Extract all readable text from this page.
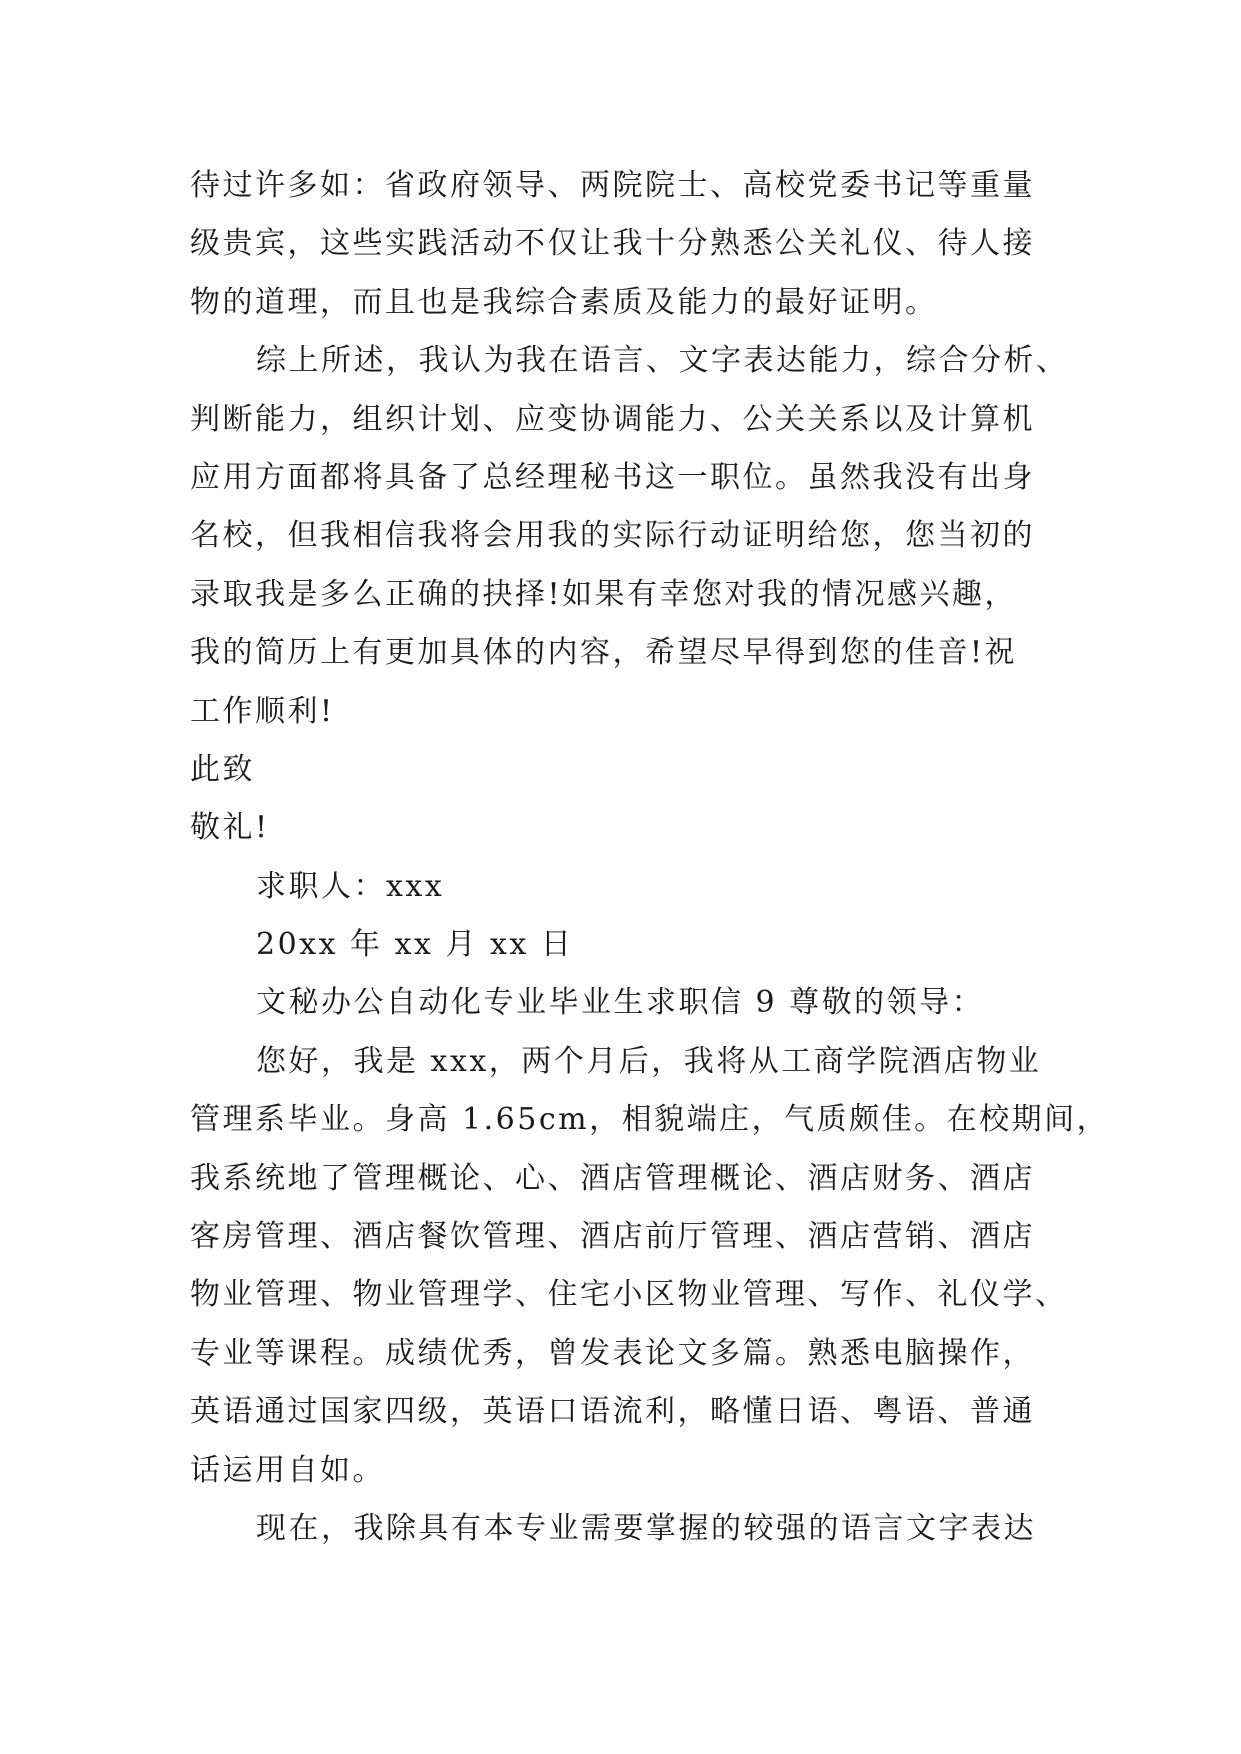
待过许多如：省政府领导、两院院士、高校党委书记等重量
级贵宾，这些实践活动不仅让我十分熟悉公关礼仪、待人接
物的道理，而且也是我综合素质及能力的最好证明。
综上所述，我认为我在语言、文字表达能力，综合分析、
判断能力，组织计划、应变协调能力、公关关系以及计算机
应用方面都将具备了总经理秘书这一职位。虽然我没有出身
名校，但我相信我将会用我的实际行动证明给您，您当初的
录取我是多么正确的抉择!如果有幸您对我的情况感兴趣，
我的简历上有更加具体的内容，希望尽早得到您的佳音!祝
工作顺利!
此致
敬礼!
求职人：xxx
20xx 年 xx 月 xx 日
文秘办公自动化专业毕业生求职信 9 尊敬的领导：
您好，我是 xxx，两个月后，我将从工商学院酒店物业
管理系毕业。身高 1.65cm，相貌端庄，气质颇佳。在校期间，
我系统地了管理概论、心、酒店管理概论、酒店财务、酒店
客房管理、酒店餐饮管理、酒店前厅管理、酒店营销、酒店
物业管理、物业管理学、住宅小区物业管理、写作、礼仪学、
专业等课程。成绩优秀，曾发表论文多篇。熟悉电脑操作，
英语通过国家四级，英语口语流利，略懂日语、粤语、普通
话运用自如。
现在，我除具有本专业需要掌握的较强的语言文字表达
